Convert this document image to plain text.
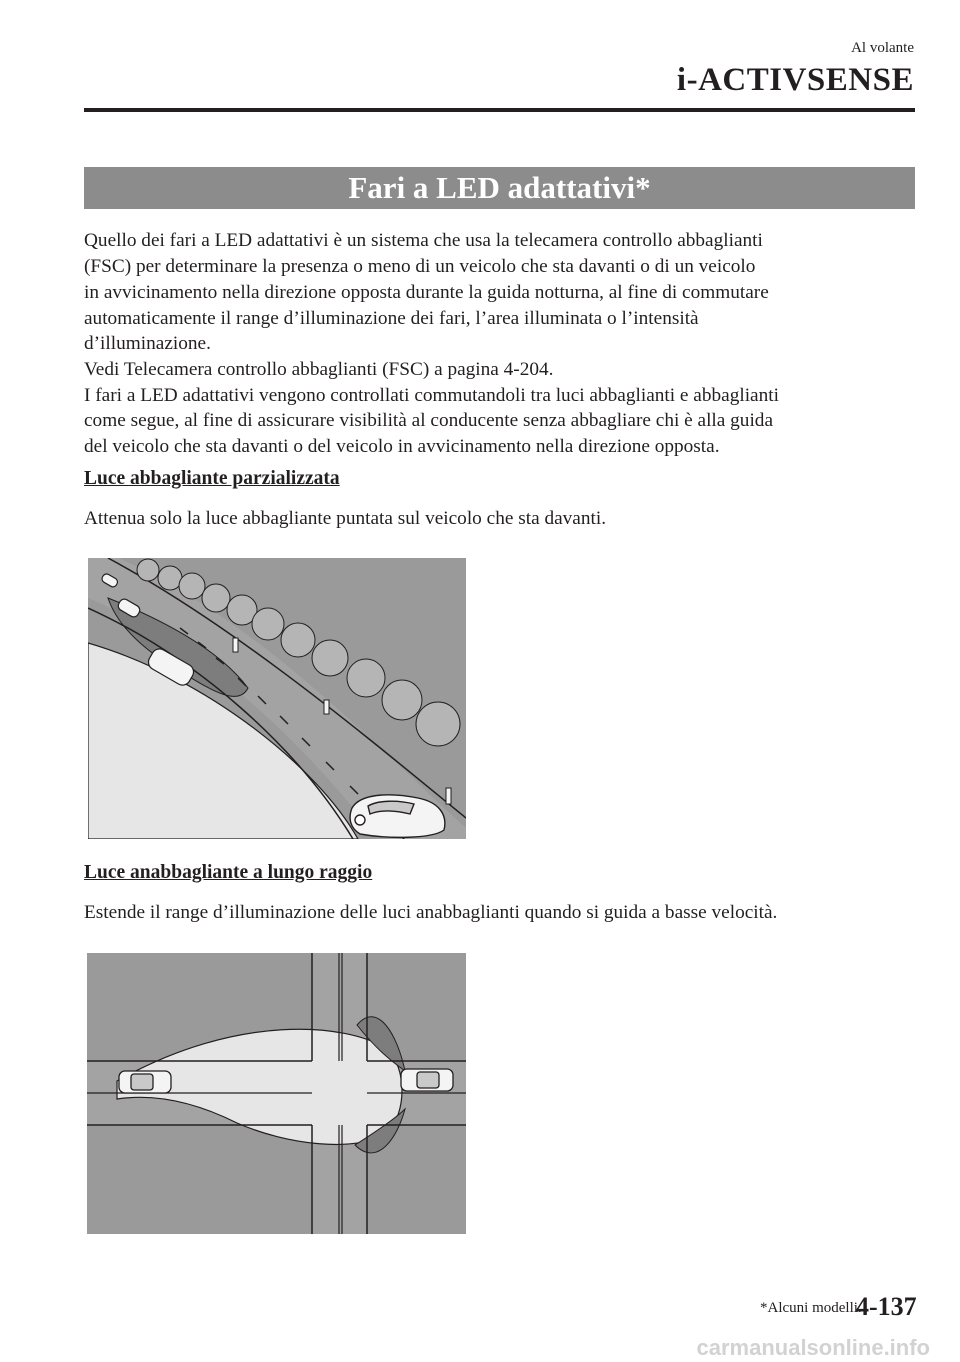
Al volante
i-ACTIVSENSE
Fari a LED adattativi*

Quello dei fari a LED adattativi è un sistema che usa la telecamera controllo abbaglianti

(FSC) per determinare la presenza o meno di un veicolo che sta davanti o di un veicolo

in avvicinamento nella direzione opposta durante la guida notturna, al fine di commutare

automaticamente il range d’illuminazione dei fari, l’area illuminata o l’intensità

d’illuminazione.

Vedi Telecamera controllo abbaglianti (FSC) a pagina 4-204.

I fari a LED adattativi vengono controllati commutandoli tra luci abbaglianti e abbaglianti

come segue, al fine di assicurare visibilità al conducente senza abbagliare chi è alla guida

del veicolo che sta davanti o del veicolo in avvicinamento nella direzione opposta.

Luce abbagliante parzializzata

Attenua solo la luce abbagliante puntata sul veicolo che sta davanti.

Luce anabbagliante a lungo raggio

Estende il range d’illuminazione delle luci anabbaglianti quando si guida a basse velocità.

*Alcuni modelli.
4-137
carmanualsonline.info
